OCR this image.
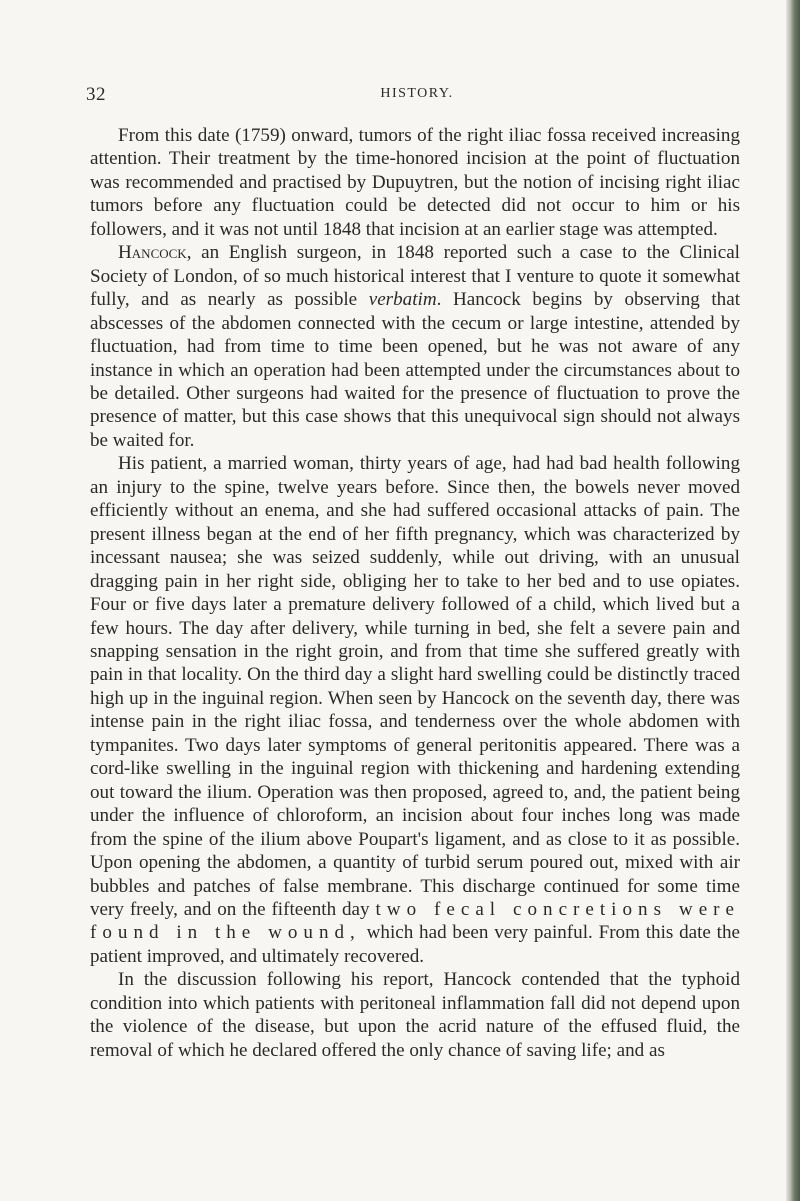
32	HISTORY.

From this date (1759) onward, tumors of the right iliac fossa received increasing attention. Their treatment by the time-honored incision at the point of fluctuation was recommended and practised by Dupuytren, but the notion of incising right iliac tumors before any fluctuation could be detected did not occur to him or his followers, and it was not until 1848 that incision at an earlier stage was attempted.

Hancock, an English surgeon, in 1848 reported such a case to the Clinical Society of London, of so much historical interest that I venture to quote it somewhat fully, and as nearly as possible verbatim. Hancock begins by observing that abscesses of the abdomen connected with the cecum or large intestine, attended by fluctuation, had from time to time been opened, but he was not aware of any instance in which an operation had been attempted under the circumstances about to be detailed. Other surgeons had waited for the presence of fluctuation to prove the presence of matter, but this case shows that this unequivocal sign should not always be waited for.

His patient, a married woman, thirty years of age, had had bad health following an injury to the spine, twelve years before. Since then, the bowels never moved efficiently without an enema, and she had suffered occasional attacks of pain. The present illness began at the end of her fifth pregnancy, which was characterized by incessant nausea; she was seized suddenly, while out driving, with an unusual dragging pain in her right side, obliging her to take to her bed and to use opiates. Four or five days later a premature delivery followed of a child, which lived but a few hours. The day after delivery, while turning in bed, she felt a severe pain and snapping sensation in the right groin, and from that time she suffered greatly with pain in that locality. On the third day a slight hard swelling could be distinctly traced high up in the inguinal region. When seen by Hancock on the seventh day, there was intense pain in the right iliac fossa, and tenderness over the whole abdomen with tympanites. Two days later symptoms of general peritonitis appeared. There was a cord-like swelling in the inguinal region with thickening and hardening extending out toward the ilium. Operation was then proposed, agreed to, and, the patient being under the influence of chloroform, an incision about four inches long was made from the spine of the ilium above Poupart's ligament, and as close to it as possible. Upon opening the abdomen, a quantity of turbid serum poured out, mixed with air bubbles and patches of false membrane. This discharge continued for some time very freely, and on the fifteenth day two fecal concretions were found in the wound, which had been very painful. From this date the patient improved, and ultimately recovered.

In the discussion following his report, Hancock contended that the typhoid condition into which patients with peritoneal inflammation fall did not depend upon the violence of the disease, but upon the acrid nature of the effused fluid, the removal of which he declared offered the only chance of saving life; and as
